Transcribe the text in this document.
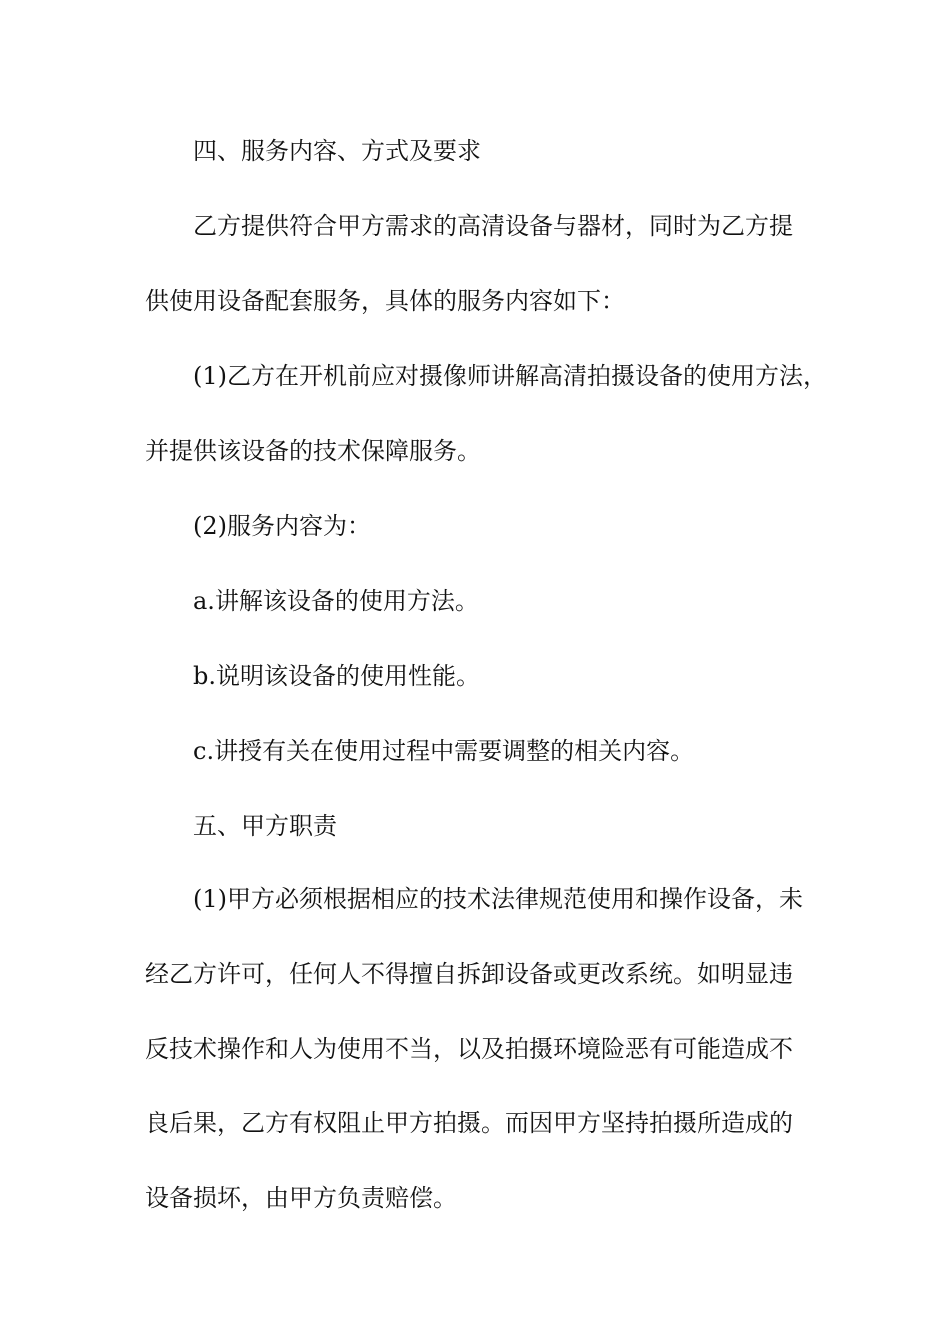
四、服务内容、方式及要求
乙方提供符合甲方需求的高清设备与器材，同时为乙方提
供使用设备配套服务，具体的服务内容如下：
(1)乙方在开机前应对摄像师讲解高清拍摄设备的使用方法，
并提供该设备的技术保障服务。
(2)服务内容为：
a.讲解该设备的使用方法。
b.说明该设备的使用性能。
c.讲授有关在使用过程中需要调整的相关内容。
五、甲方职责
(1)甲方必须根据相应的技术法律规范使用和操作设备，未
经乙方许可，任何人不得擅自拆卸设备或更改系统。如明显违
反技术操作和人为使用不当，以及拍摄环境险恶有可能造成不
良后果，乙方有权阻止甲方拍摄。而因甲方坚持拍摄所造成的
设备损坏，由甲方负责赔偿。
